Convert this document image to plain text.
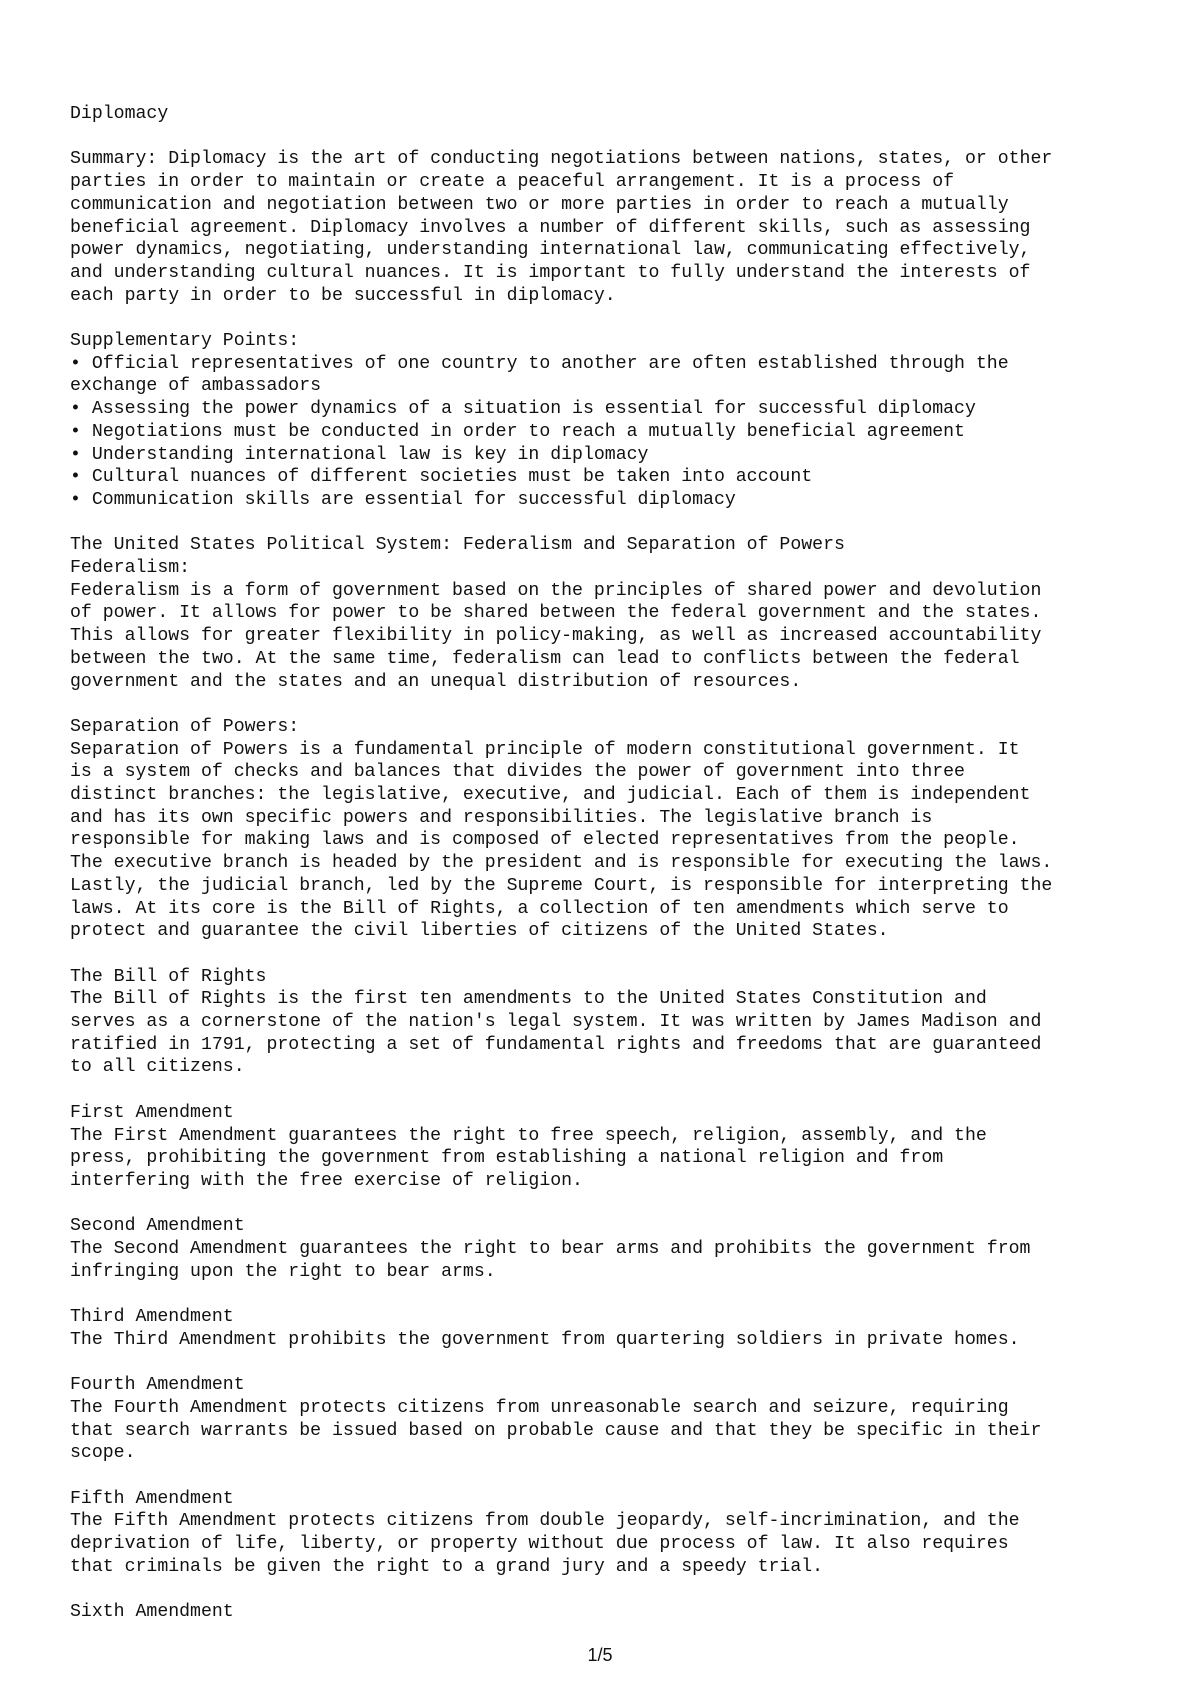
Diplomacy
Summary: Diplomacy is the art of conducting negotiations between nations, states, or other
parties in order to maintain or create a peaceful arrangement. It is a process of
communication and negotiation between two or more parties in order to reach a mutually
beneficial agreement. Diplomacy involves a number of different skills, such as assessing
power dynamics, negotiating, understanding international law, communicating effectively,
and understanding cultural nuances. It is important to fully understand the interests of
each party in order to be successful in diplomacy.
Supplementary Points:
• Official representatives of one country to another are often established through the
exchange of ambassadors
• Assessing the power dynamics of a situation is essential for successful diplomacy
• Negotiations must be conducted in order to reach a mutually beneficial agreement
• Understanding international law is key in diplomacy
• Cultural nuances of different societies must be taken into account
• Communication skills are essential for successful diplomacy
The United States Political System: Federalism and Separation of Powers
Federalism:
Federalism is a form of government based on the principles of shared power and devolution
of power. It allows for power to be shared between the federal government and the states.
This allows for greater flexibility in policy-making, as well as increased accountability
between the two. At the same time, federalism can lead to conflicts between the federal
government and the states and an unequal distribution of resources.
Separation of Powers:
Separation of Powers is a fundamental principle of modern constitutional government. It
is a system of checks and balances that divides the power of government into three
distinct branches: the legislative, executive, and judicial. Each of them is independent
and has its own specific powers and responsibilities. The legislative branch is
responsible for making laws and is composed of elected representatives from the people.
The executive branch is headed by the president and is responsible for executing the laws.
Lastly, the judicial branch, led by the Supreme Court, is responsible for interpreting the
laws. At its core is the Bill of Rights, a collection of ten amendments which serve to
protect and guarantee the civil liberties of citizens of the United States.
The Bill of Rights
The Bill of Rights is the first ten amendments to the United States Constitution and
serves as a cornerstone of the nation's legal system. It was written by James Madison and
ratified in 1791, protecting a set of fundamental rights and freedoms that are guaranteed
to all citizens.
First Amendment
The First Amendment guarantees the right to free speech, religion, assembly, and the
press, prohibiting the government from establishing a national religion and from
interfering with the free exercise of religion.
Second Amendment
The Second Amendment guarantees the right to bear arms and prohibits the government from
infringing upon the right to bear arms.
Third Amendment
The Third Amendment prohibits the government from quartering soldiers in private homes.
Fourth Amendment
The Fourth Amendment protects citizens from unreasonable search and seizure, requiring
that search warrants be issued based on probable cause and that they be specific in their
scope.
Fifth Amendment
The Fifth Amendment protects citizens from double jeopardy, self-incrimination, and the
deprivation of life, liberty, or property without due process of law. It also requires
that criminals be given the right to a grand jury and a speedy trial.
Sixth Amendment
1/5
